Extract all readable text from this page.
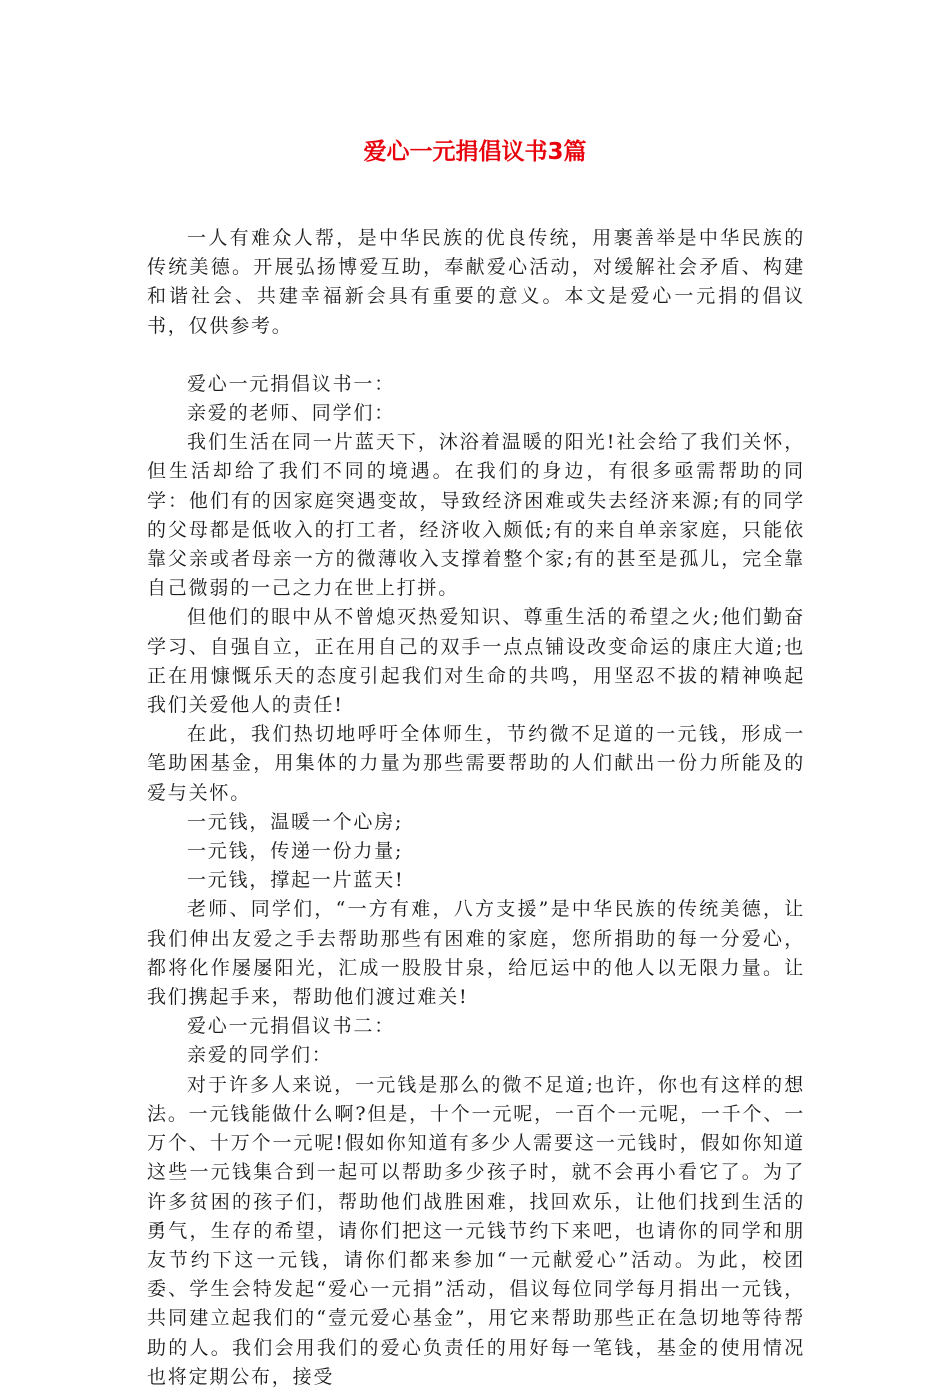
爱心一元捐倡议书3篇

一人有难众人帮，是中华民族的优良传统，用裹善举是中华民族的传统美德。开展弘扬博爱互助，奉献爱心活动，对缓解社会矛盾、构建和谐社会、共建幸福新会具有重要的意义。本文是爱心一元捐的倡议书，仅供参考。

爱心一元捐倡议书一：

亲爱的老师、同学们：

我们生活在同一片蓝天下，沐浴着温暖的阳光!社会给了我们关怀，但生活却给了我们不同的境遇。在我们的身边，有很多亟需帮助的同学：他们有的因家庭突遇变故，导致经济困难或失去经济来源;有的同学的父母都是低收入的打工者，经济收入颇低;有的来自单亲家庭，只能依靠父亲或者母亲一方的微薄收入支撑着整个家;有的甚至是孤儿，完全靠自己微弱的一己之力在世上打拼。

但他们的眼中从不曾熄灭热爱知识、尊重生活的希望之火;他们勤奋学习、自强自立，正在用自己的双手一点点铺设改变命运的康庄大道;也正在用慷慨乐天的态度引起我们对生命的共鸣，用坚忍不拔的精神唤起我们关爱他人的责任!

在此，我们热切地呼吁全体师生，节约微不足道的一元钱，形成一笔助困基金，用集体的力量为那些需要帮助的人们献出一份力所能及的爱与关怀。

一元钱，温暖一个心房;

一元钱，传递一份力量;

一元钱，撑起一片蓝天!

老师、同学们，“一方有难，八方支援”是中华民族的传统美德，让我们伸出友爱之手去帮助那些有困难的家庭，您所捐助的每一分爱心，都将化作屡屡阳光，汇成一股股甘泉，给厄运中的他人以无限力量。让我们携起手来，帮助他们渡过难关!

爱心一元捐倡议书二：

亲爱的同学们：

对于许多人来说，一元钱是那么的微不足道;也许，你也有这样的想法。一元钱能做什么啊?但是，十个一元呢，一百个一元呢，一千个、一万个、十万个一元呢!假如你知道有多少人需要这一元钱时，假如你知道这些一元钱集合到一起可以帮助多少孩子时，就不会再小看它了。为了许多贫困的孩子们，帮助他们战胜困难，找回欢乐，让他们找到生活的勇气，生存的希望，请你们把这一元钱节约下来吧，也请你的同学和朋友节约下这一元钱，请你们都来参加“一元献爱心”活动。为此，校团委、学生会特发起“爱心一元捐”活动，倡议每位同学每月捐出一元钱，共同建立起我们的“壹元爱心基金”，用它来帮助那些正在急切地等待帮助的人。我们会用我们的爱心负责任的用好每一笔钱，基金的使用情况也将定期公布，接受
